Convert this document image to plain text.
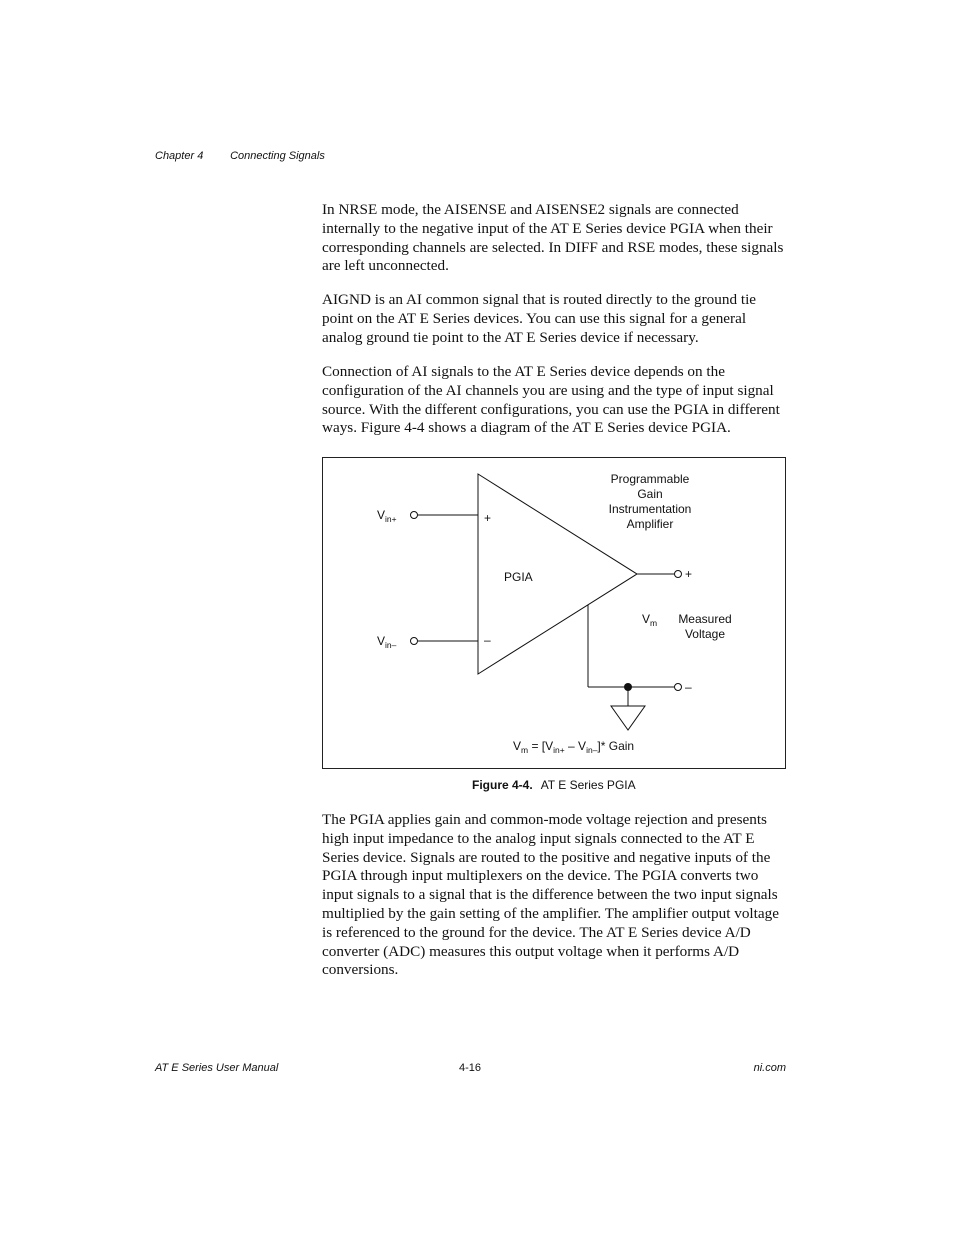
Chapter 4 Connecting Signals

In NRSE mode, the AISENSE and AISENSE2 signals are connected internally to the negative input of the AT E Series device PGIA when their corresponding channels are selected. In DIFF and RSE modes, these signals are left unconnected.

AIGND is an AI common signal that is routed directly to the ground tie point on the AT E Series devices. You can use this signal for a general analog ground tie point to the AT E Series device if necessary.

Connection of AI signals to the AT E Series device depends on the configuration of the AI channels you are using and the type of input signal source. With the different configurations, you can use the PGIA in different ways. Figure 4-4 shows a diagram of the AT E Series device PGIA.

Programmable
Gain
Instrumentation
Amplifier
$V_{in+}$
$V_{in-}$
+
–
PGIA	+
–
$V_m$ Measured
Voltage
$V_m = [V_{in+} - V_{in-}]*$ Gain
Figure 4-4. AT E Series PGIA

The PGIA applies gain and common-mode voltage rejection and presents high input impedance to the analog input signals connected to the AT E Series device. Signals are routed to the positive and negative inputs of the PGIA through input multiplexers on the device. The PGIA converts two input signals to a signal that is the difference between the two input signals multiplied by the gain setting of the amplifier. The amplifier output voltage is referenced to the ground for the device. The AT E Series device A/D converter (ADC) measures this output voltage when it performs A/D conversions.

AT E Series User Manual	4-16	ni.com
